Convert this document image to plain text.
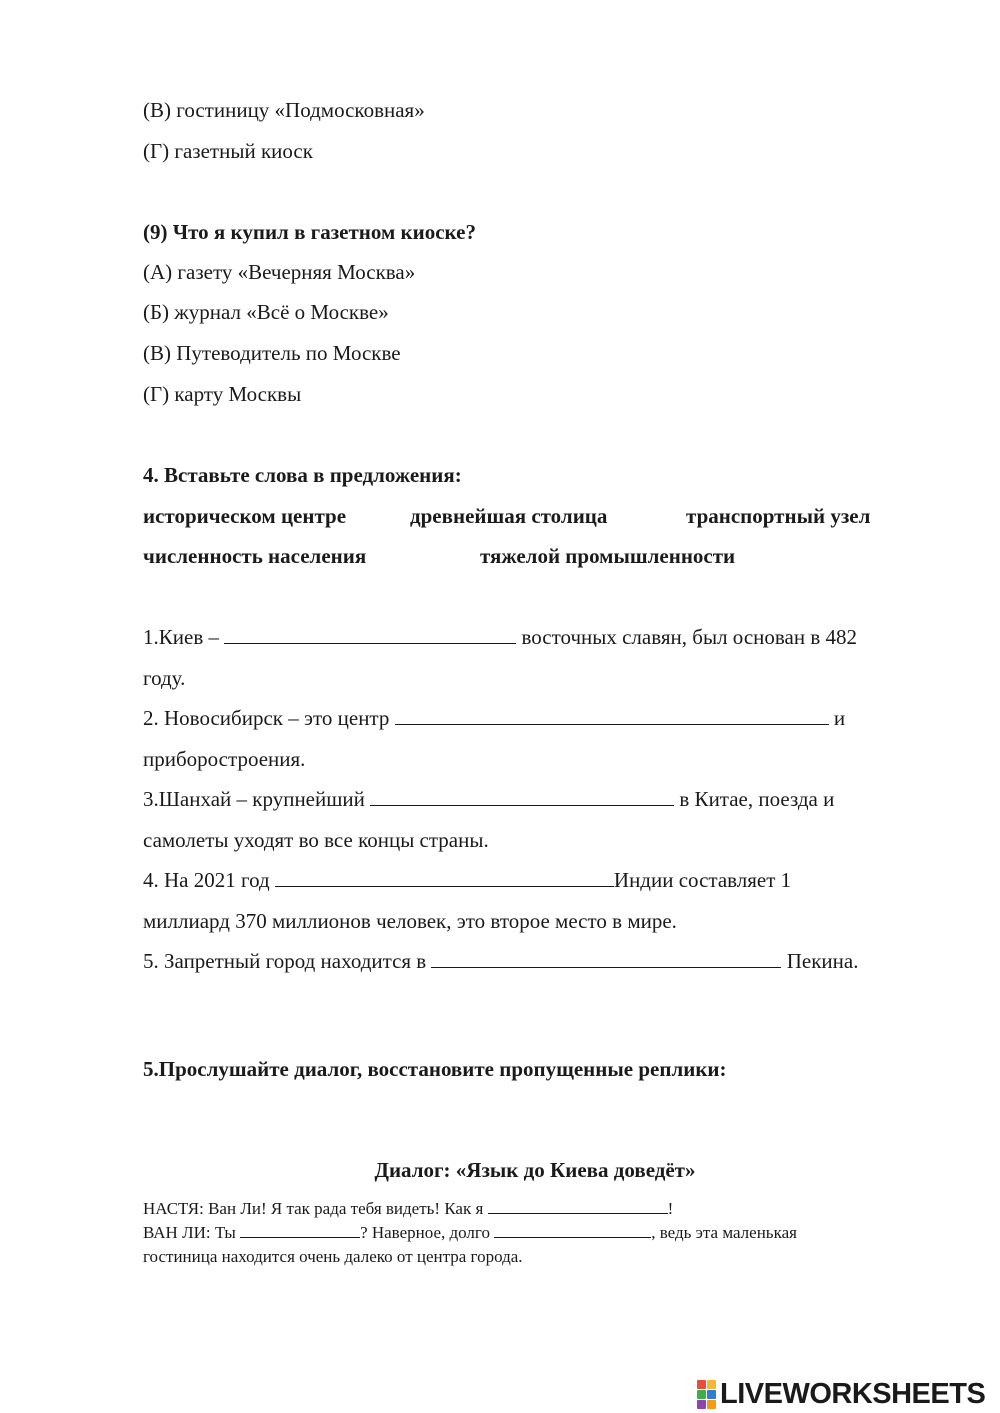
(В) гостиницу «Подмосковная»
(Г) газетный киоск
(9) Что я купил в газетном киоске?
(А) газету «Вечерняя Москва»
(Б) журнал «Всё о Москве»
(В) Путеводитель по Москве
(Г) карту Москвы
4. Вставьте слова в предложения:
историческом центре	древнейшая столица	транспортный узел
численность населения	тяжелой промышленности
1.Киев –	восточных славян, был основан в 482
году.
2. Новосибирск – это центр	и
приборостроения.
3.Шанхай – крупнейший	в Китае, поезда и
самолеты уходят во все концы страны.
4. На 2021 год	Индии составляет 1
миллиард 370 миллионов человек, это второе место в мире.
5. Запретный город находится в	Пекина.
5.Прослушайте диалог, восстановите пропущенные реплики:
Диалог: «Язык до Киева доведёт»
НАСТЯ: Ван Ли! Я так рада тебя видеть! Как я	!
ВАН ЛИ: Ты	? Наверное, долго	, ведь эта маленькая
гостиница находится очень далеко от центра города.
LIVEWORKSHEETS
